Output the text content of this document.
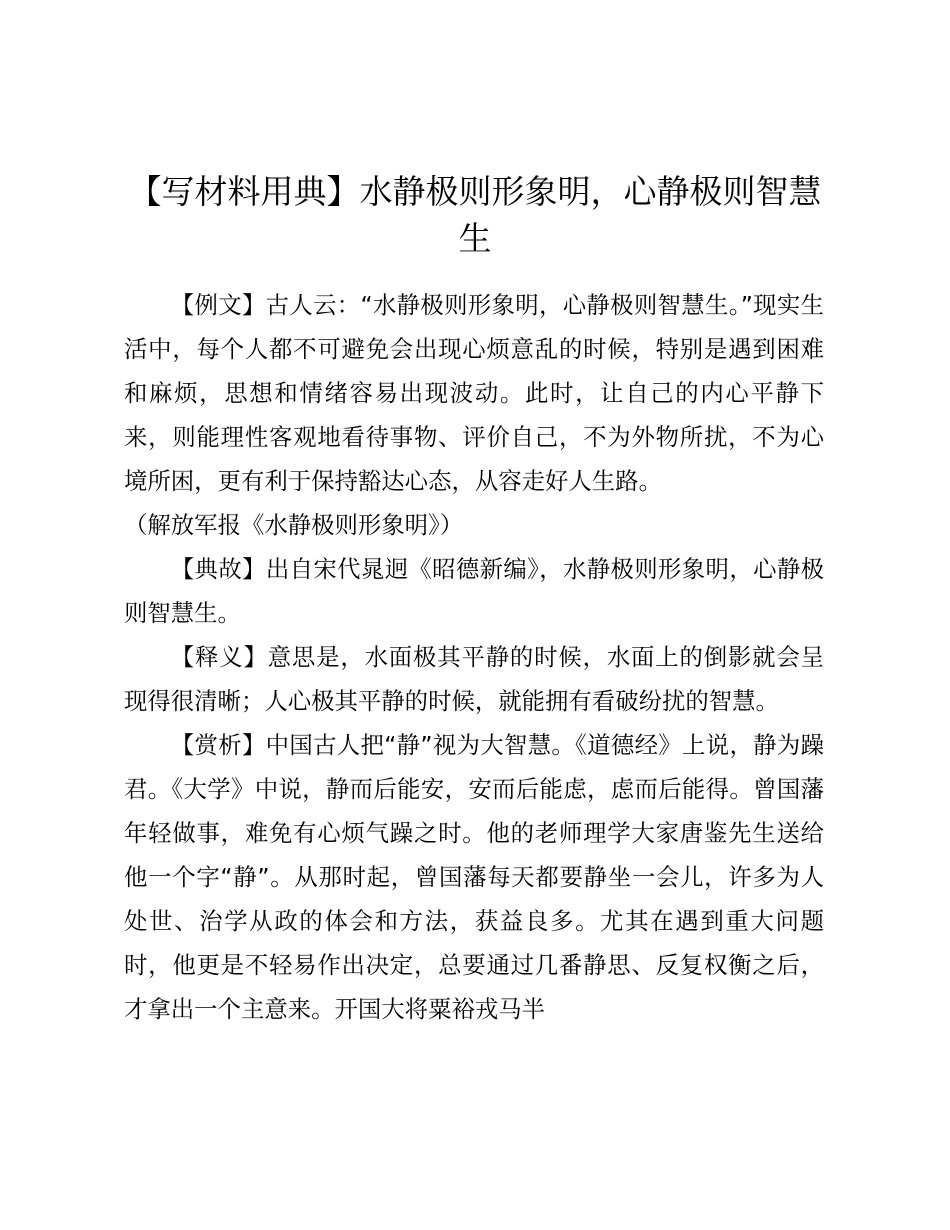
【写材料用典】水静极则形象明，心静极则智慧生

【例文】古人云：“水静极则形象明，心静极则智慧生。”现实生活中，每个人都不可避免会出现心烦意乱的时候，特别是遇到困难和麻烦，思想和情绪容易出现波动。此时，让自己的内心平静下来，则能理性客观地看待事物、评价自己，不为外物所扰，不为心境所困，更有利于保持豁达心态，从容走好人生路。

（解放军报《水静极则形象明》）

【典故】出自宋代晁迥《昭德新编》，水静极则形象明，心静极则智慧生。

【释义】意思是，水面极其平静的时候，水面上的倒影就会呈现得很清晰；人心极其平静的时候，就能拥有看破纷扰的智慧。

【赏析】中国古人把“静”视为大智慧。《道德经》上说，静为躁君。《大学》中说，静而后能安，安而后能虑，虑而后能得。曾国藩年轻做事，难免有心烦气躁之时。他的老师理学大家唐鉴先生送给他一个字“静”。从那时起，曾国藩每天都要静坐一会儿，许多为人处世、治学从政的体会和方法，获益良多。尤其在遇到重大问题时，他更是不轻易作出决定，总要通过几番静思、反复权衡之后，才拿出一个主意来。开国大将粟裕戎马半
